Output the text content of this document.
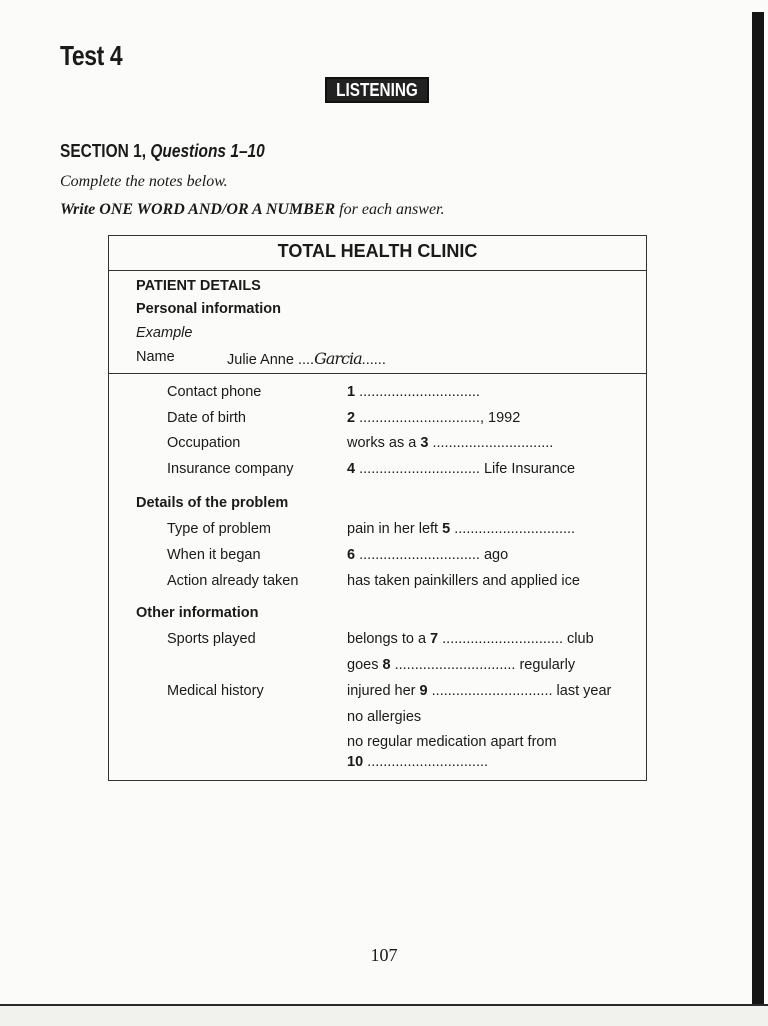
Test 4
LISTENING
SECTION 1, Questions 1–10
Complete the notes below.
Write ONE WORD AND/OR A NUMBER for each answer.
TOTAL HEALTH CLINIC
PATIENT DETAILS
Personal information
Example
Name	Julie Anne ....Garcia......
Contact phone	1 ..............................
Date of birth	2 .............................., 1992
Occupation	works as a 3 ..............................
Insurance company	4 .............................. Life Insurance
Details of the problem
Type of problem	pain in her left 5 ..............................
When it began	6 .............................. ago
Action already taken	has taken painkillers and applied ice
Other information
Sports played	belongs to a 7 .............................. club
goes 8 .............................. regularly
Medical history	injured her 9 .............................. last year
no allergies
no regular medication apart from
10 ..............................
107
